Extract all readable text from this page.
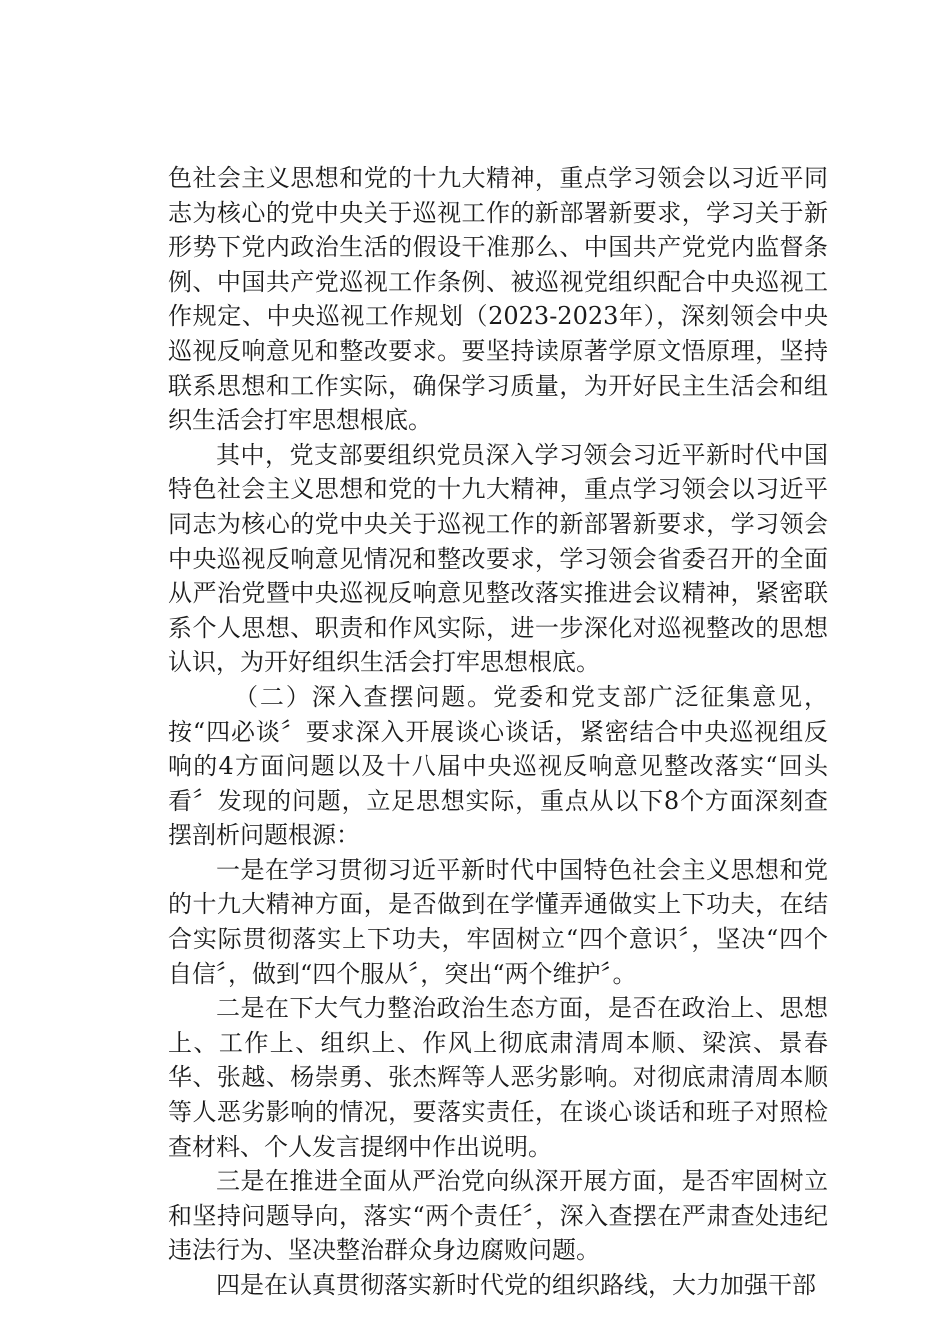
色社会主义思想和党的十九大精神，重点学习领会以习近平同志为核心的党中央关于巡视工作的新部署新要求，学习关于新形势下党内政治生活的假设干准那么、中国共产党党内监督条例、中国共产党巡视工作条例、被巡视党组织配合中央巡视工作规定、中央巡视工作规划（2023-2023年），深刻领会中央巡视反响意见和整改要求。要坚持读原著学原文悟原理，坚持联系思想和工作实际，确保学习质量，为开好民主生活会和组织生活会打牢思想根底。

其中，党支部要组织党员深入学习领会习近平新时代中国特色社会主义思想和党的十九大精神，重点学习领会以习近平同志为核心的党中央关于巡视工作的新部署新要求，学习领会中央巡视反响意见情况和整改要求，学习领会省委召开的全面从严治党暨中央巡视反响意见整改落实推进会议精神，紧密联系个人思想、职责和作风实际，进一步深化对巡视整改的思想认识，为开好组织生活会打牢思想根底。

（二）深入查摆问题。党委和党支部广泛征集意见，按“四必谈〞要求深入开展谈心谈话，紧密结合中央巡视组反响的4方面问题以及十八届中央巡视反响意见整改落实“回头看〞发现的问题，立足思想实际，重点从以下8个方面深刻查摆剖析问题根源：

一是在学习贯彻习近平新时代中国特色社会主义思想和党的十九大精神方面，是否做到在学懂弄通做实上下功夫，在结合实际贯彻落实上下功夫，牢固树立“四个意识〞，坚决“四个自信〞，做到“四个服从〞，突出“两个维护〞。

二是在下大气力整治政治生态方面，是否在政治上、思想上、工作上、组织上、作风上彻底肃清周本顺、梁滨、景春华、张越、杨崇勇、张杰辉等人恶劣影响。对彻底肃清周本顺等人恶劣影响的情况，要落实责任，在谈心谈话和班子对照检查材料、个人发言提纲中作出说明。

三是在推进全面从严治党向纵深开展方面，是否牢固树立和坚持问题导向，落实“两个责任〞，深入查摆在严肃查处违纪违法行为、坚决整治群众身边腐败问题。

四是在认真贯彻落实新时代党的组织路线，大力加强干部
